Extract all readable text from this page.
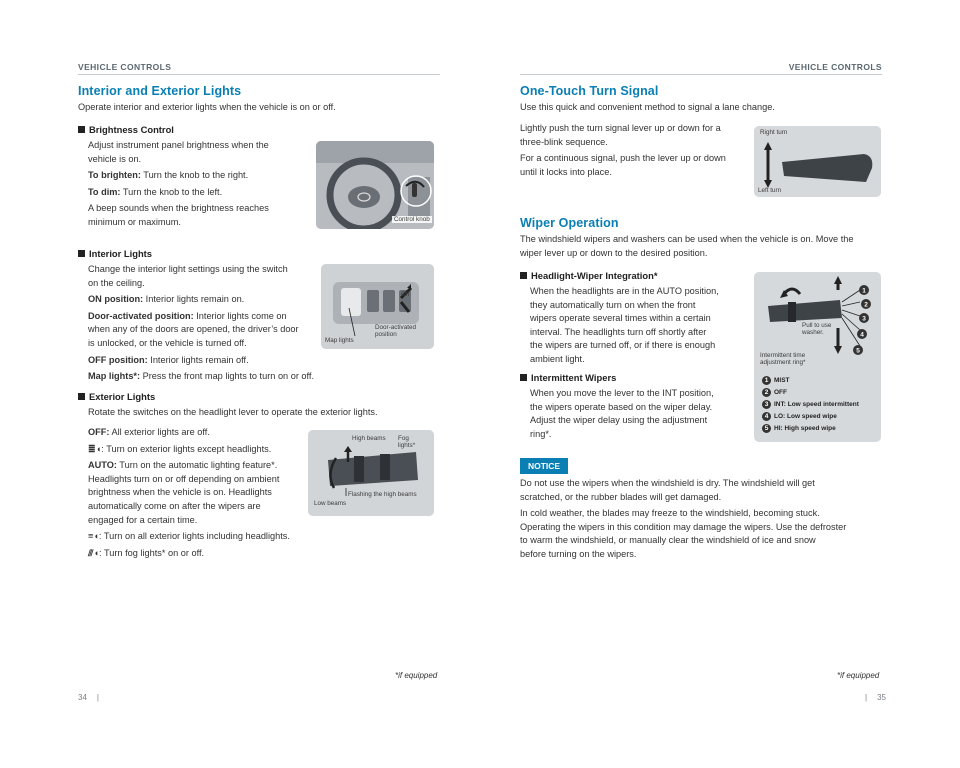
VEHICLE CONTROLS
Interior and Exterior Lights
Operate interior and exterior lights when the vehicle is on or off.
Brightness Control
Adjust instrument panel brightness when the
vehicle is on.
To brighten: Turn the knob to the right.
To dim: Turn the knob to the left.
A beep sounds when the brightness reaches
minimum or maximum.	Control knob
Interior Lights
Change the interior light settings using the switch
on the ceiling.
ON position: Interior lights remain on.
Door-activated position: Interior lights come on
when any of the doors are opened, the driver’s door
is unlocked, or the vehicle is turned off.
OFF position: Interior lights remain off.
Map lights*: Press the front map lights to turn on or off.
Off
Door-activated position
Map lights
Exterior Lights
Rotate the switches on the headlight lever to operate the exterior lights.
OFF: All exterior lights are off.
≣◖: Turn on exterior lights except headlights.
AUTO: Turn on the automatic lighting feature*.
Headlights turn on or off depending on ambient
brightness when the vehicle is on. Headlights
automatically come on after the wipers are
engaged for a certain time.
≡◖: Turn on all exterior lights including headlights.
⫻◖: Turn fog lights* on or off.
High beams Fog lights*
Flashing the high beams
Low beams
*if equipped
34 |
VEHICLE CONTROLS
One-Touch Turn Signal
Use this quick and convenient method to signal a lane change.
Lightly push the turn signal lever up or down for a
three-blink sequence.
For a continuous signal, push the lever up or down
until it locks into place.
Right turn
Left turn
Wiper Operation
The windshield wipers and washers can be used when the vehicle is on. Move the
wiper lever up or down to the desired position.
Headlight-Wiper Integration*
When the headlights are in the AUTO position,
they automatically turn on when the front
wipers operate several times within a certain
interval. The headlights turn off shortly after
the wipers are turned off, or if there is enough
ambient light.
Intermittent Wipers
When you move the lever to the INT position,
the wipers operate based on the wiper delay.
Adjust the wiper delay using the adjustment
ring*.
1
2
3
4
5
Pull to use washer.
Intermittent time adjustment ring*
1 MIST
2 OFF
3 INT: Low speed intermittent
4 LO: Low speed wipe
5 HI: High speed wipe
NOTICE
Do not use the wipers when the windshield is dry. The windshield will get
scratched, or the rubber blades will get damaged.
In cold weather, the blades may freeze to the windshield, becoming stuck.
Operating the wipers in this condition may damage the wipers. Use the defroster
to warm the windshield, or manually clear the windshield of ice and snow
before turning on the wipers.
*if equipped
| 35
